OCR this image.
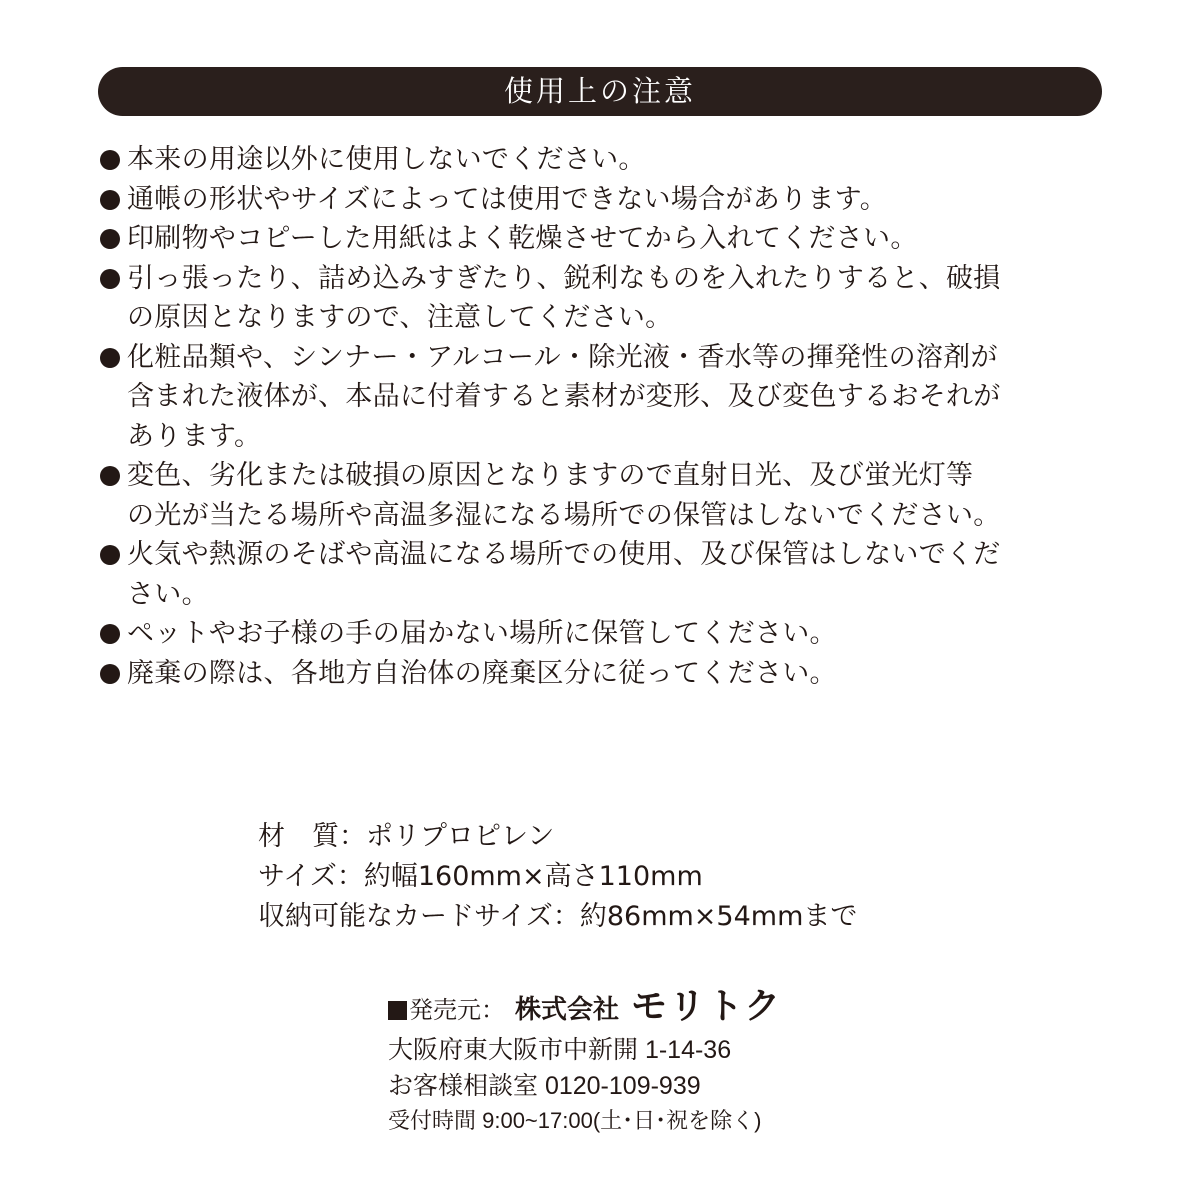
使用上の注意
本来の用途以外に使用しないでください。
通帳の形状やサイズによっては使用できない場合があります。
印刷物やコピーした用紙はよく乾燥させてから入れてください。
引っ張ったり、詰め込みすぎたり、鋭利なものを入れたりすると、破損
の原因となりますので、注意してください。
化粧品類や、シンナー・アルコール・除光液・香水等の揮発性の溶剤が
含まれた液体が、本品に付着すると素材が変形、及び変色するおそれが
あります。
変色、劣化または破損の原因となりますので直射日光、及び蛍光灯等
の光が当たる場所や高温多湿になる場所での保管はしないでください。
火気や熱源のそばや高温になる場所での使用、及び保管はしないでくだ
さい。
ペットやお子様の手の届かない場所に保管してください。
廃棄の際は、各地方自治体の廃棄区分に従ってください。
材　質： ポリプロピレン
サイズ： 約幅160mm×高さ110mm
収納可能なカードサイズ： 約86mm×54mmまで
発売元： 株式会社 モリトク
大阪府東大阪市中新開 1-14-36
お客様相談室 0120-109-939
受付時間 9:00~17:00(土･日･祝を除く)
